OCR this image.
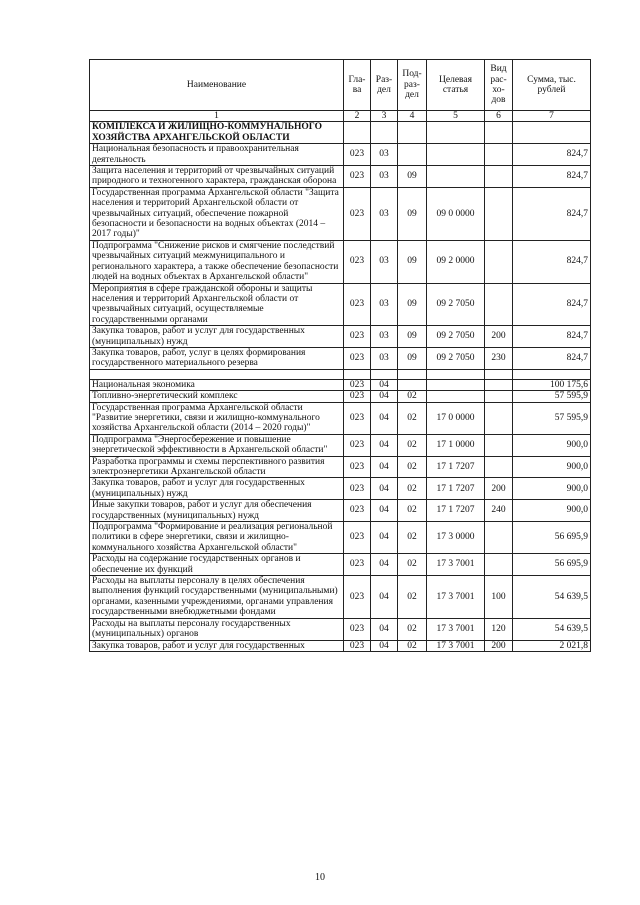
Наименование	Гла-ва	Раз-дел	Под-раз-дел	Целевая статья	Вид рас-хо-дов	Сумма, тыс. рублей
1	2	3	4	5	6	7
КОМПЛЕКСА И ЖИЛИЩНО-КОММУНАЛЬНОГО ХОЗЯЙСТВА АРХАНГЕЛЬСКОЙ ОБЛАСТИ						
Национальная безопасность и правоохранительная деятельность	023	03				824,7
Защита населения и территорий от чрезвычайных ситуаций природного и техногенного характера, гражданская оборона	023	03	09			824,7
Государственная программа Архангельской области "Защита населения и территорий Архангельской области от чрезвычайных ситуаций, обеспечение пожарной безопасности и безопасности на водных объектах (2014 – 2017 годы)"	023	03	09	09 0 0000		824,7
Подпрограмма "Снижение рисков и смягчение последствий чрезвычайных ситуаций межмуниципального и регионального характера, а также обеспечение безопасности людей на водных объектах в Архангельской области"	023	03	09	09 2 0000		824,7
Мероприятия в сфере гражданской обороны и защиты населения и территорий Архангельской области от чрезвычайных ситуаций, осуществляемые государственными органами	023	03	09	09 2 7050		824,7
Закупка товаров, работ и услуг для государственных (муниципальных) нужд	023	03	09	09 2 7050	200	824,7
Закупка товаров, работ, услуг в целях формирования государственного материального резерва	023	03	09	09 2 7050	230	824,7

Национальная экономика	023	04				100 175,6
Топливно-энергетический комплекс	023	04	02			57 595,9
Государственная программа Архангельской области "Развитие энергетики, связи и жилищно-коммунального хозяйства Архангельской области (2014 – 2020 годы)"	023	04	02	17 0 0000		57 595,9
Подпрограмма "Энергосбережение и повышение энергетической эффективности в Архангельской области"	023	04	02	17 1 0000		900,0
Разработка программы и схемы перспективного развития электроэнергетики Архангельской области	023	04	02	17 1 7207		900,0
Закупка товаров, работ и услуг для государственных (муниципальных) нужд	023	04	02	17 1 7207	200	900,0
Иные закупки товаров, работ и услуг для обеспечения государственных (муниципальных) нужд	023	04	02	17 1 7207	240	900,0
Подпрограмма "Формирование и реализация региональной политики в сфере энергетики, связи и жилищно-коммунального хозяйства Архангельской области"	023	04	02	17 3 0000		56 695,9
Расходы на содержание государственных органов и обеспечение их функций	023	04	02	17 3 7001		56 695,9
Расходы на выплаты персоналу в целях обеспечения выполнения функций государственными (муниципальными) органами, казенными учреждениями, органами управления государственными внебюджетными фондами	023	04	02	17 3 7001	100	54 639,5
Расходы на выплаты персоналу государственных (муниципальных) органов	023	04	02	17 3 7001	120	54 639,5
Закупка товаров, работ и услуг для государственных	023	04	02	17 3 7001	200	2 021,8
10
